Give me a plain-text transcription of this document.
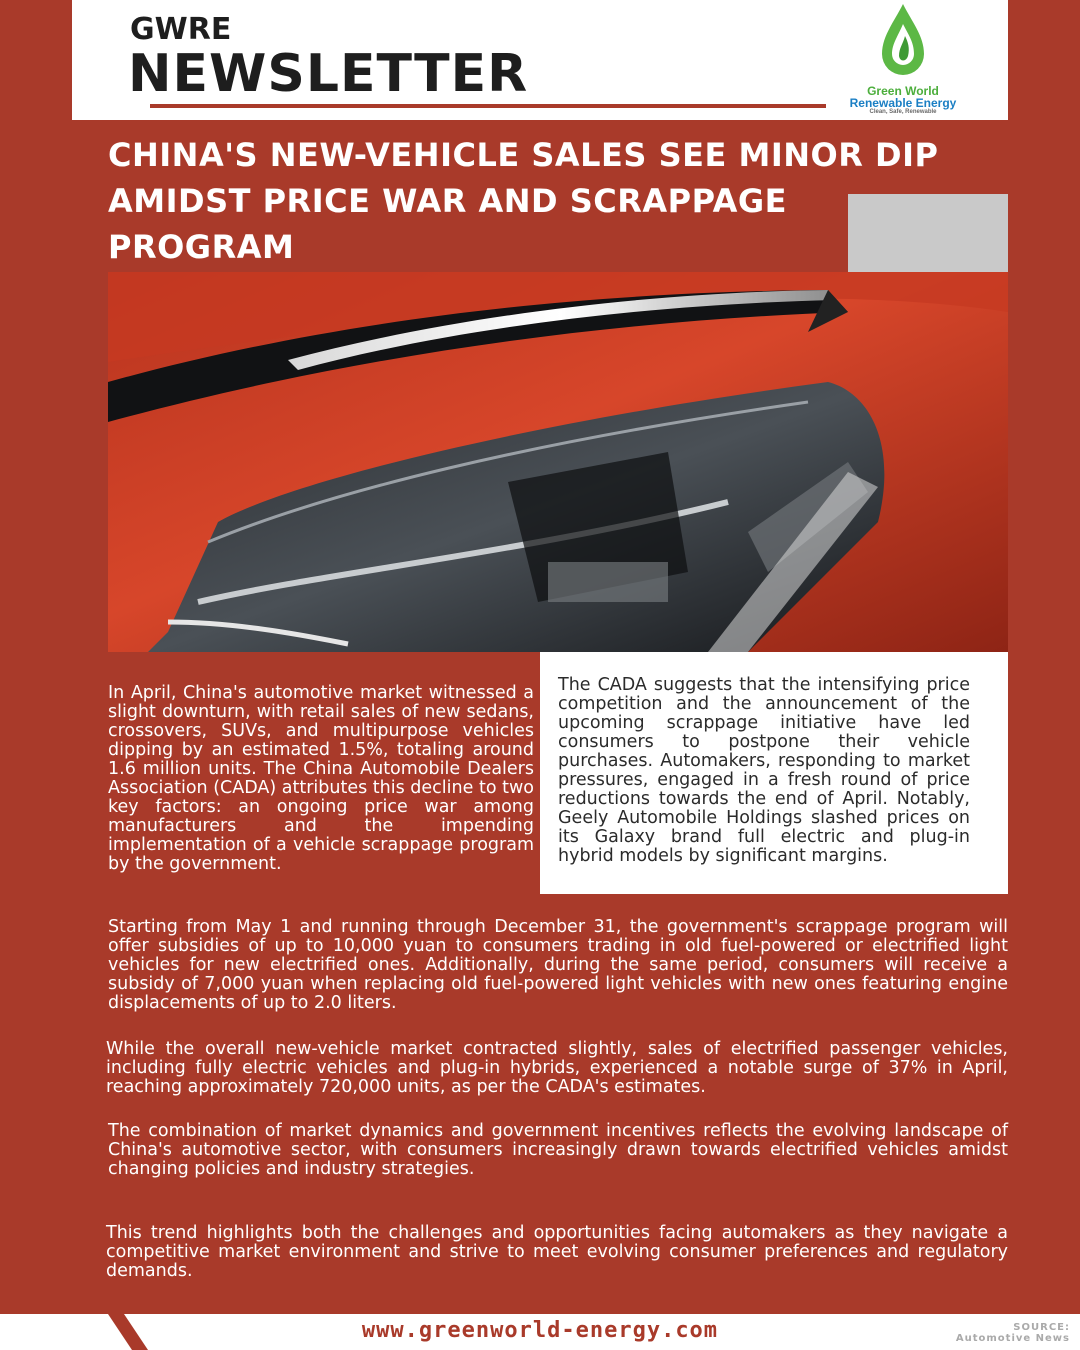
GWRE
NEWSLETTER	Green World
Renewable Energy
Clean, Safe, Renewable
CHINA'S NEW-VEHICLE SALES SEE MINOR DIP AMIDST PRICE WAR AND SCRAPPAGE PROGRAM
In April, China's automotive market witnessed a slight downturn, with retail sales of new sedans, crossovers, SUVs, and multipurpose vehicles dipping by an estimated 1.5%, totaling around 1.6 million units. The China Automobile Dealers Association (CADA) attributes this decline to two key factors: an ongoing price war among manufacturers and the impending implementation of a vehicle scrappage program by the government.
The CADA suggests that the intensifying price competition and the announcement of the upcoming scrappage initiative have led consumers to postpone their vehicle purchases. Automakers, responding to market pressures, engaged in a fresh round of price reductions towards the end of April. Notably, Geely Automobile Holdings slashed prices on its Galaxy brand full electric and plug-in hybrid models by significant margins.
Starting from May 1 and running through December 31, the government's scrappage program will offer subsidies of up to 10,000 yuan to consumers trading in old fuel-powered or electrified light vehicles for new electrified ones. Additionally, during the same period, consumers will receive a subsidy of 7,000 yuan when replacing old fuel-powered light vehicles with new ones featuring engine displacements of up to 2.0 liters.
While the overall new-vehicle market contracted slightly, sales of electrified passenger vehicles, including fully electric vehicles and plug-in hybrids, experienced a notable surge of 37% in April, reaching approximately 720,000 units, as per the CADA's estimates.
The combination of market dynamics and government incentives reflects the evolving landscape of China's automotive sector, with consumers increasingly drawn towards electrified vehicles amidst changing policies and industry strategies.
This trend highlights both the challenges and opportunities facing automakers as they navigate a competitive market environment and strive to meet evolving consumer preferences and regulatory demands.
www.greenworld-energy.com	SOURCE:
Automotive News
